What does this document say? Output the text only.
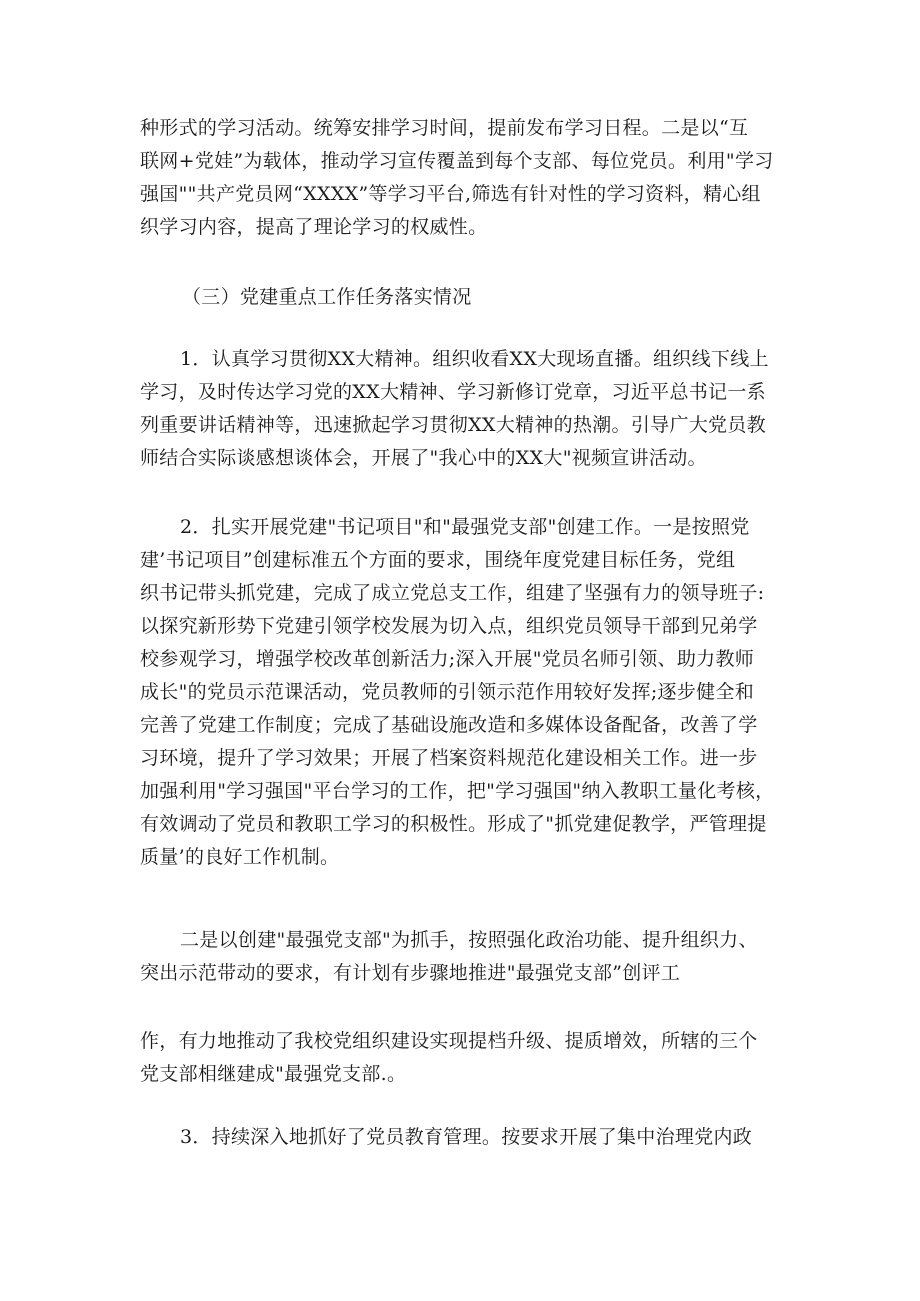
种形式的学习活动。统筹安排学习时间，提前发布学习日程。二是以“互
联网+党娃”为载体，推动学习宣传覆盖到每个支部、每位党员。利用"学习
强国""共产党员网“XXXX”等学习平台,筛选有针对性的学习资料，精心组
织学习内容，提高了理论学习的权威性。
（三）党建重点工作任务落实情况
1．认真学习贯彻XX大精神。组织收看XX大现场直播。组织线下线上
学习，及时传达学习党的XX大精神、学习新修订党章，习近平总书记一系
列重要讲话精神等，迅速掀起学习贯彻XX大精神的热潮。引导广大党员教
师结合实际谈感想谈体会，开展了"我心中的XX大"视频宣讲活动。
2．扎实开展党建"书记项目"和"最强党支部"创建工作。一是按照党
建’书记项目”创建标准五个方面的要求，围绕年度党建目标任务，党组
织书记带头抓党建，完成了成立党总支工作，组建了坚强有力的领导班子:
以探究新形势下党建引领学校发展为切入点，组织党员领导干部到兄弟学
校参观学习，增强学校改革创新活力;深入开展"党员名师引领、助力教师
成长"的党员示范课活动，党员教师的引领示范作用较好发挥;逐步健全和
完善了党建工作制度；完成了基础设施改造和多媒体设备配备，改善了学
习环境，提升了学习效果；开展了档案资料规范化建设相关工作。进一步
加强利用"学习强国"平台学习的工作，把"学习强国"纳入教职工量化考核，
有效调动了党员和教职工学习的积极性。形成了"抓党建促教学，严管理提
质量’的良好工作机制。
二是以创建"最强党支部"为抓手，按照强化政治功能、提升组织力、
突出示范带动的要求，有计划有步骤地推进"最强党支部”创评工
作，有力地推动了我校党组织建设实现提档升级、提质增效，所辖的三个
党支部相继建成"最强党支部.。
3．持续深入地抓好了党员教育管理。按要求开展了集中治理党内政
